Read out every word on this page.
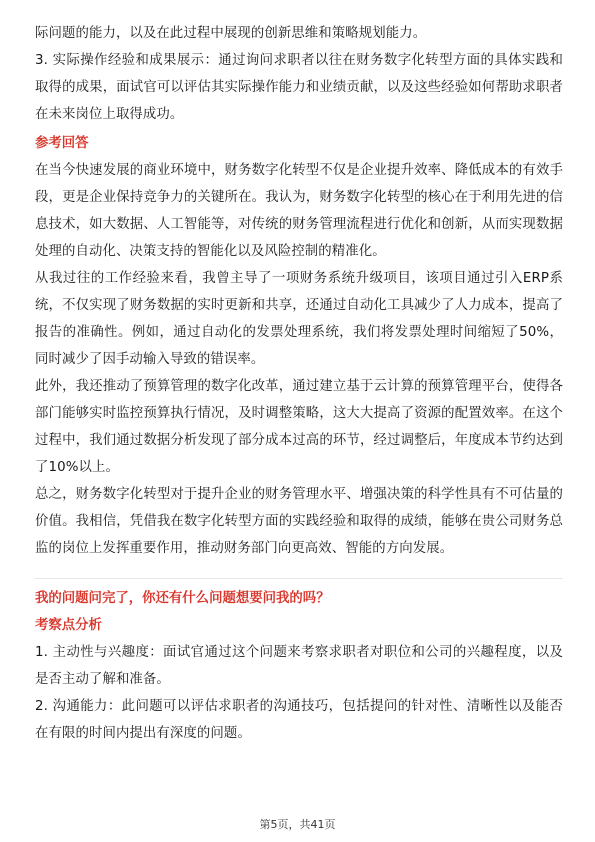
际问题的能力，以及在此过程中展现的创新思维和策略规划能力。

3. 实际操作经验和成果展示：通过询问求职者以往在财务数字化转型方面的具体实践和取得的成果，面试官可以评估其实际操作能力和业绩贡献，以及这些经验如何帮助求职者在未来岗位上取得成功。

参考回答

在当今快速发展的商业环境中，财务数字化转型不仅是企业提升效率、降低成本的有效手段，更是企业保持竞争力的关键所在。我认为，财务数字化转型的核心在于利用先进的信息技术，如大数据、人工智能等，对传统的财务管理流程进行优化和创新，从而实现数据处理的自动化、决策支持的智能化以及风险控制的精准化。

从我过往的工作经验来看，我曾主导了一项财务系统升级项目，该项目通过引入ERP系统，不仅实现了财务数据的实时更新和共享，还通过自动化工具减少了人力成本，提高了报告的准确性。例如，通过自动化的发票处理系统，我们将发票处理时间缩短了50%，同时减少了因手动输入导致的错误率。

此外，我还推动了预算管理的数字化改革，通过建立基于云计算的预算管理平台，使得各部门能够实时监控预算执行情况，及时调整策略，这大大提高了资源的配置效率。在这个过程中，我们通过数据分析发现了部分成本过高的环节，经过调整后，年度成本节约达到了10%以上。

总之，财务数字化转型对于提升企业的财务管理水平、增强决策的科学性具有不可估量的价值。我相信，凭借我在数字化转型方面的实践经验和取得的成绩，能够在贵公司财务总监的岗位上发挥重要作用，推动财务部门向更高效、智能的方向发展。

我的问题问完了，你还有什么问题想要问我的吗？

考察点分析

1. 主动性与兴趣度：面试官通过这个问题来考察求职者对职位和公司的兴趣程度，以及是否主动了解和准备。

2. 沟通能力：此问题可以评估求职者的沟通技巧，包括提问的针对性、清晰性以及能否在有限的时间内提出有深度的问题。

第5页，共41页
